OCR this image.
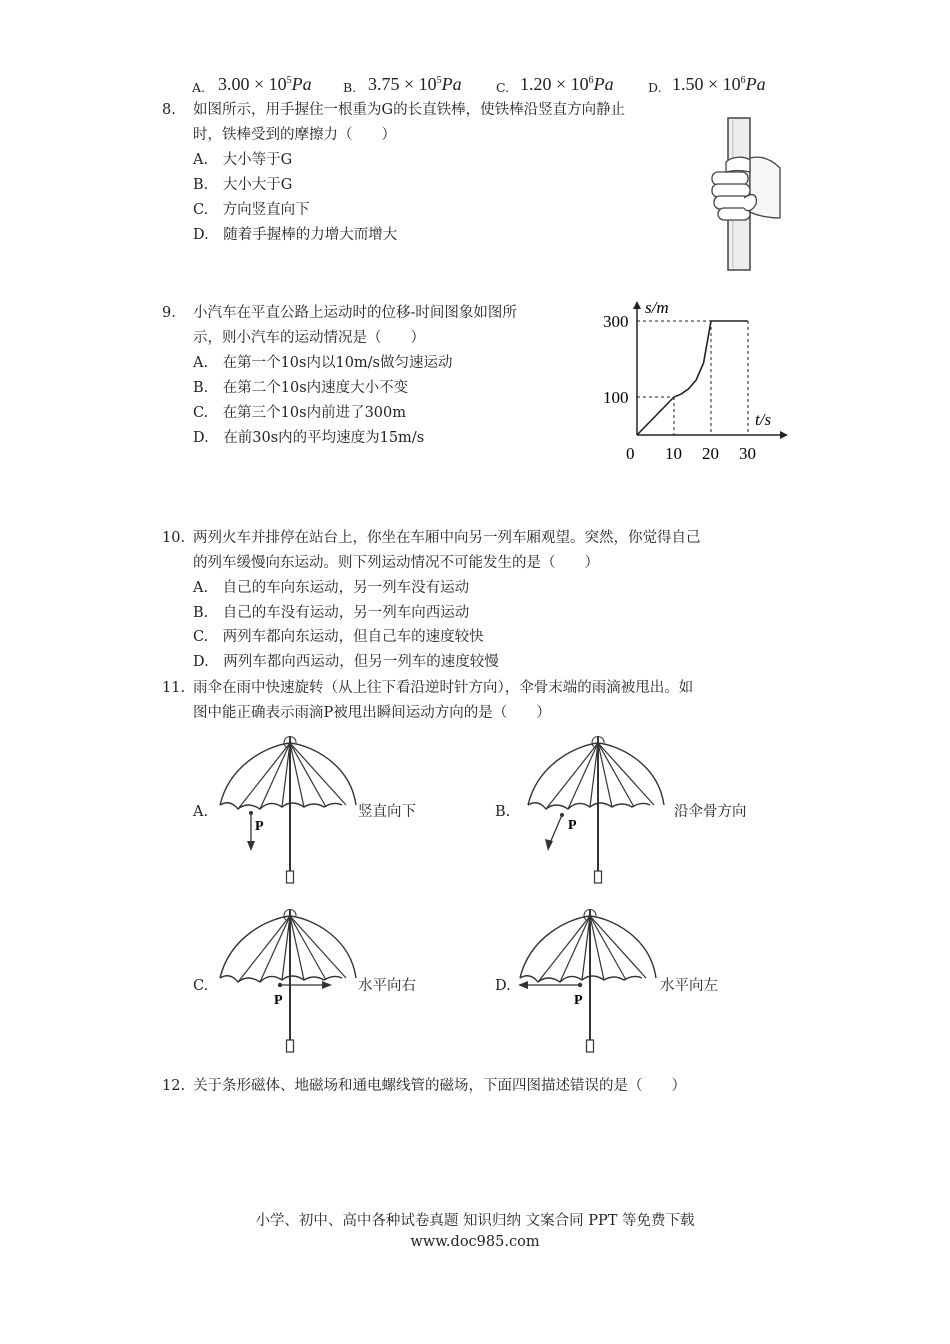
A. $3.00 \times 10^5Pa$	B. $3.75 \times 10^5Pa$	C. $1.20 \times 10^6Pa$	D. $1.50 \times 10^6Pa$
8. 如图所示，用手握住一根重为G的长直铁棒，使铁棒沿竖直方向静止
时，铁棒受到的摩擦力（　　）
A.　大小等于G
B.　大小大于G
C.　方向竖直向下
D.　随着手握棒的力增大而增大
9. 小汽车在平直公路上运动时的位移-时间图象如图所
示，则小汽车的运动情况是（　　）
A.　在第一个10s内以10m/s做匀速运动
B.　在第二个10s内速度大小不变
C.　在第三个10s内前进了300m
D.　在前30s内的平均速度为15m/s
s/m
t/s
0 10 20 30
100
300
10. 两列火车并排停在站台上，你坐在车厢中向另一列车厢观望。突然，你觉得自己
的列车缓慢向东运动。则下列运动情况不可能发生的是（　　）
A.　自己的车向东运动，另一列车没有运动
B.　自己的车没有运动，另一列车向西运动
C.　两列车都向东运动，但自己车的速度较快
D.　两列车都向西运动，但另一列车的速度较慢
11. 雨伞在雨中快速旋转（从上往下看沿逆时针方向），伞骨末端的雨滴被甩出。如
图中能正确表示雨滴P被甩出瞬间运动方向的是（　　）
A.
P
竖直向下	B.
P
沿伞骨方向
C.
P
水平向右	D.
P
水平向左
12. 关于条形磁体、地磁场和通电螺线管的磁场，下面四图描述错误的是（　　）
小学、初中、高中各种试卷真题 知识归纳 文案合同 PPT 等免费下载
www.doc985.com
